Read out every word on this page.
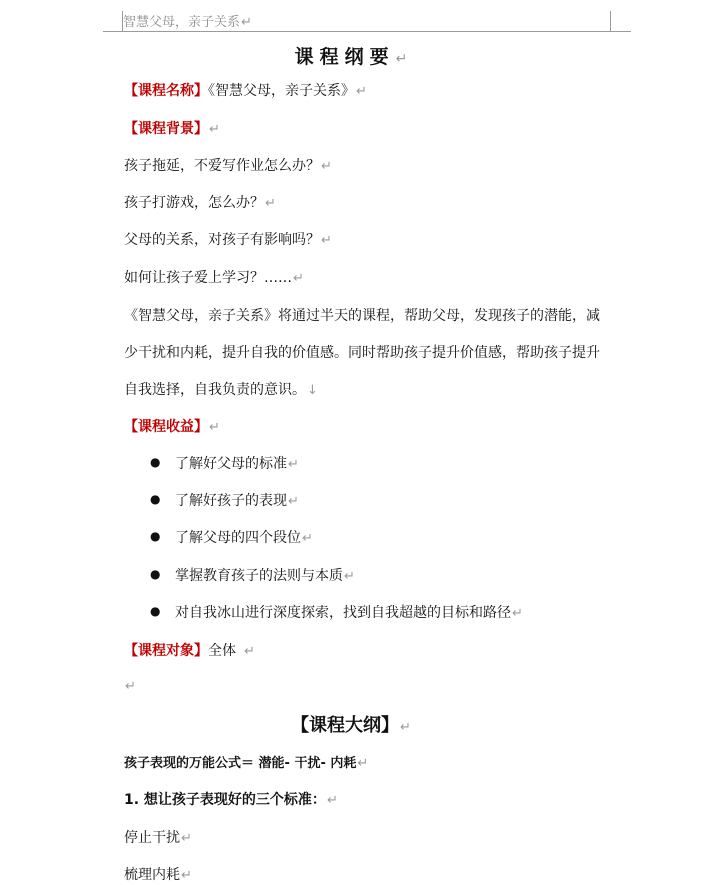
智慧父母，亲子关系↵
课程纲要↵
【课程名称】《智慧父母，亲子关系》↵
【课程背景】↵
孩子拖延，不爱写作业怎么办？↵
孩子打游戏，怎么办？↵
父母的关系，对孩子有影响吗？↵
如何让孩子爱上学习？……↵
《智慧父母，亲子关系》将通过半天的课程，帮助父母，发现孩子的潜能，减
少干扰和内耗，提升自我的价值感。同时帮助孩子提升价值感，帮助孩子提升
自我选择，自我负责的意识。↓
【课程收益】↵
● 了解好父母的标准↵
● 了解好孩子的表现↵
● 了解父母的四个段位↵
● 掌握教育孩子的法则与本质↵
● 对自我冰山进行深度探索，找到自我超越的目标和路径↵
【课程对象】全体 ↵
↵
【课程大纲】↵
孩子表现的万能公式＝ 潜能- 干扰- 内耗↵
1. 想让孩子表现好的三个标准：↵
停止干扰↵
梳理内耗↵
